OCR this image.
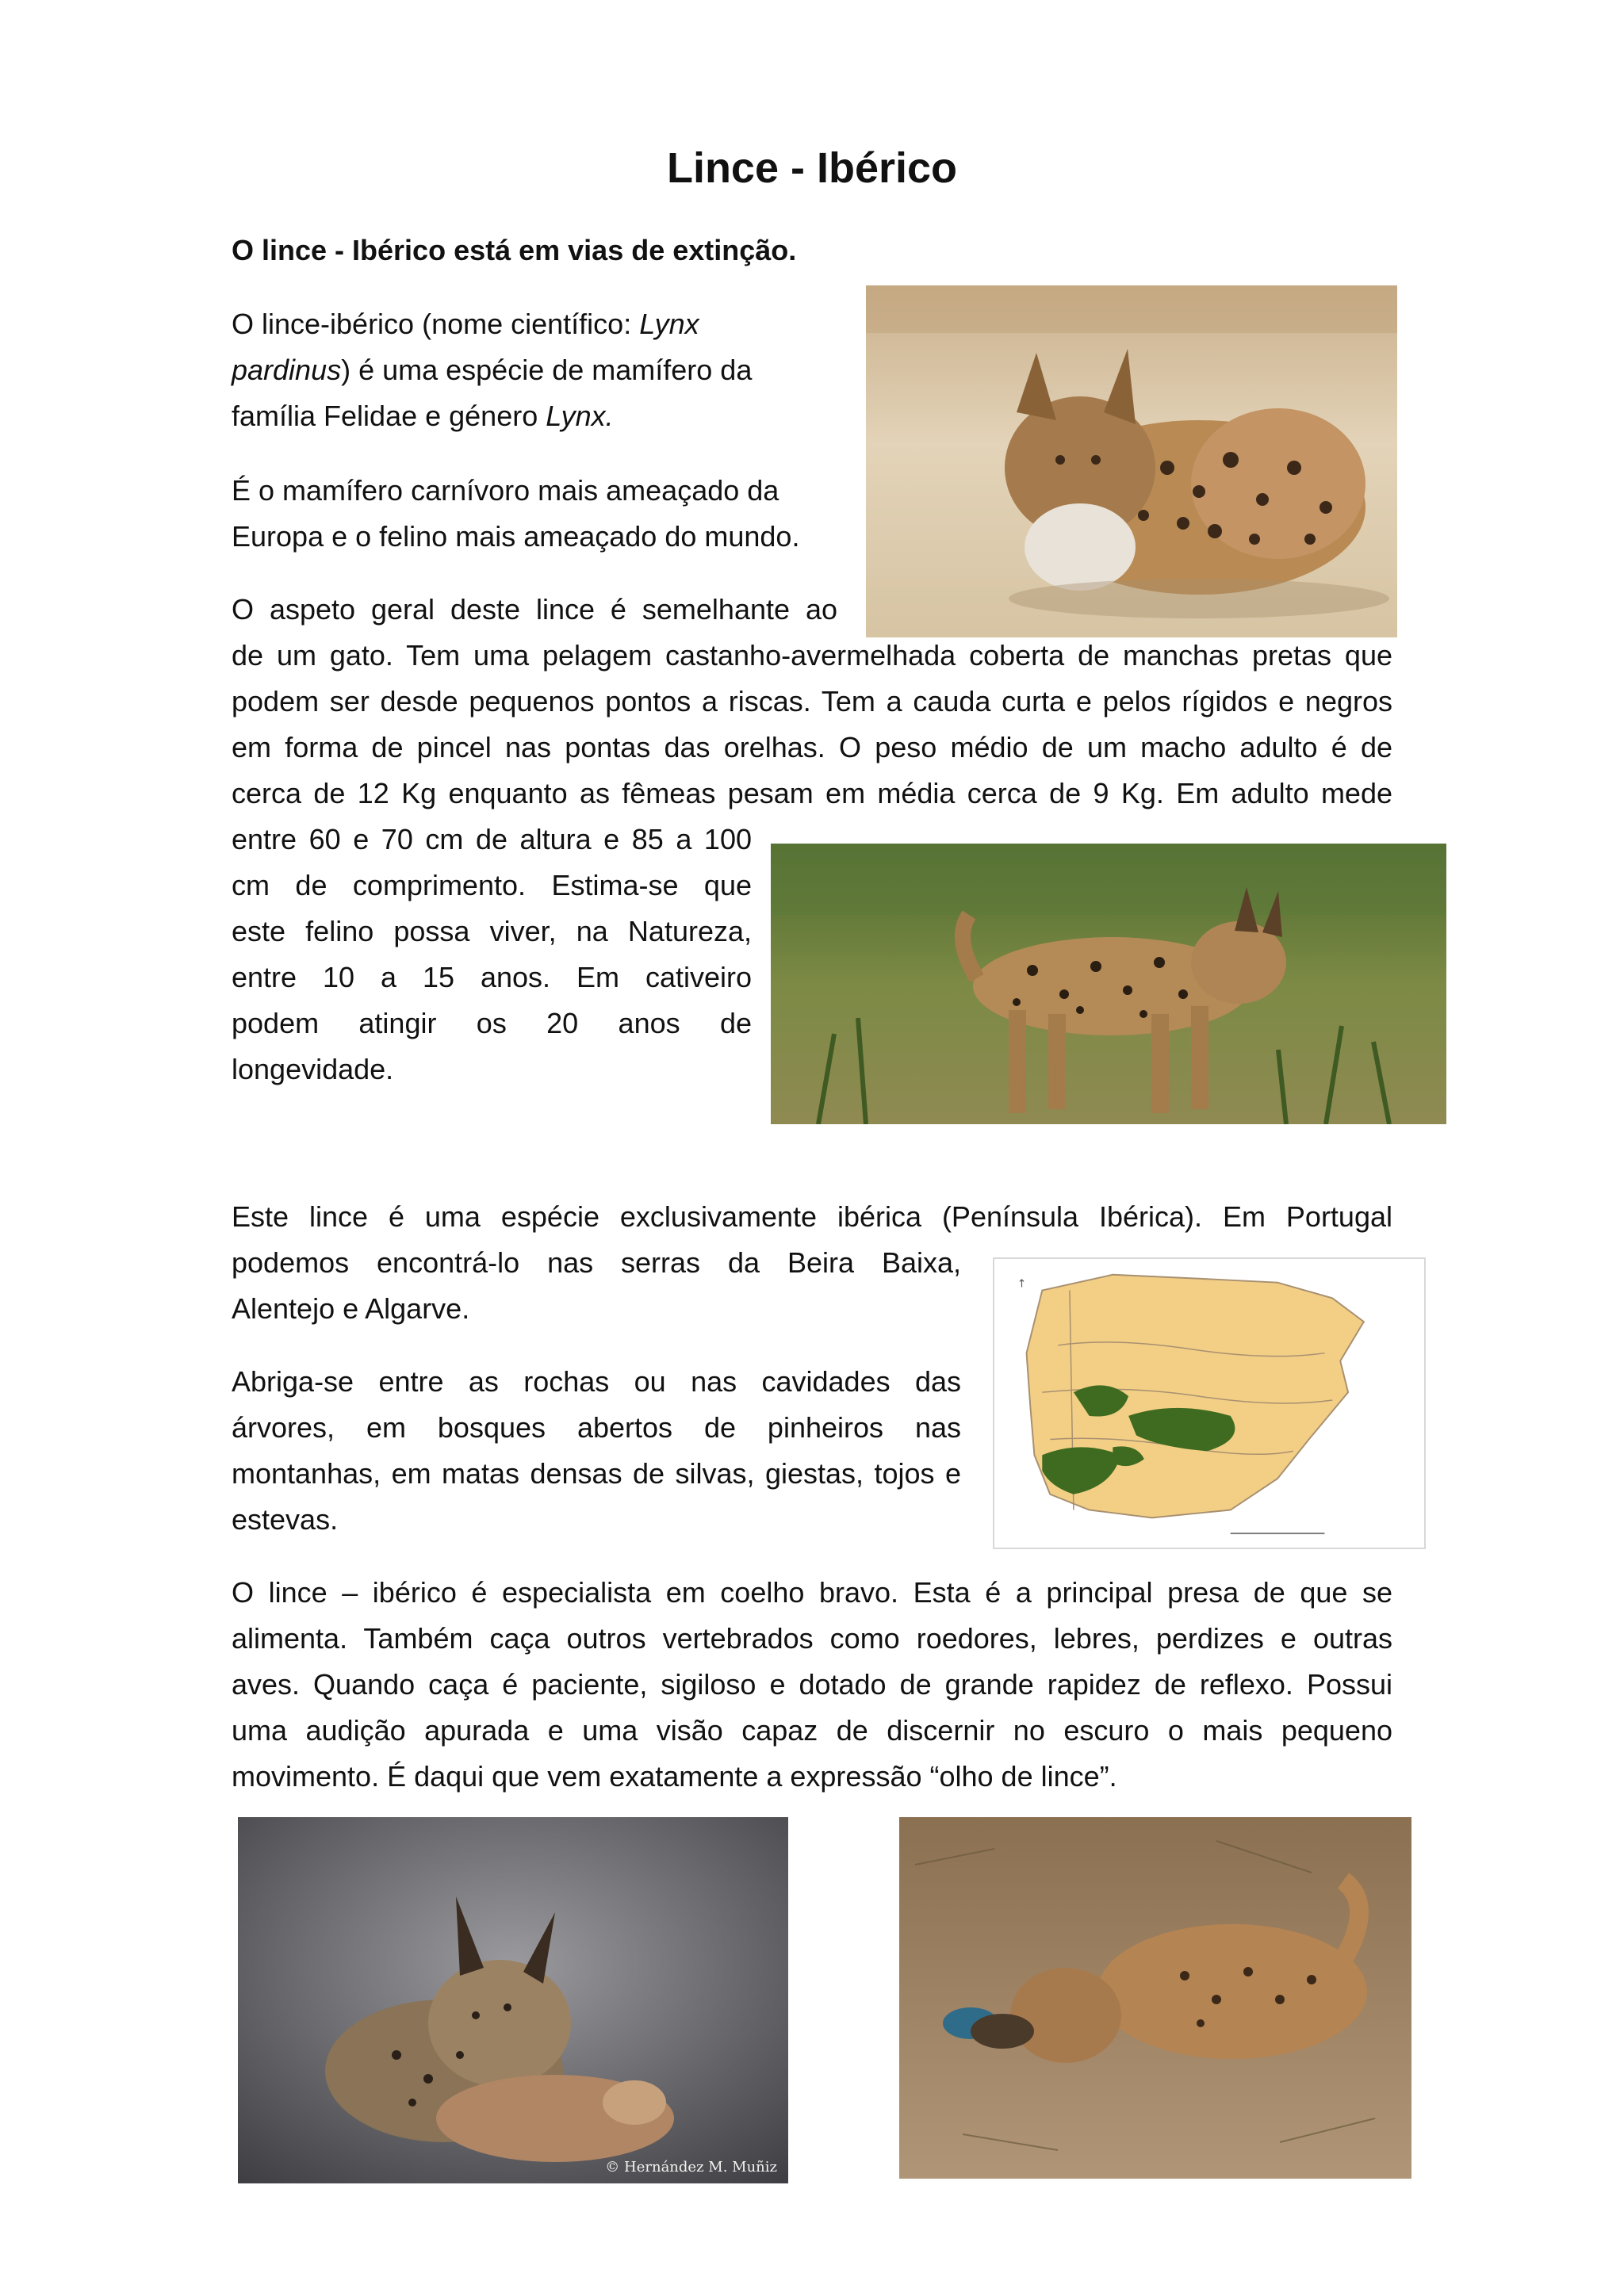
Lince - Ibérico

O lince - Ibérico está em vias de extinção.

O lince-ibérico (nome científico: Lynx
pardinus) é uma espécie de mamífero da
família Felidae e género Lynx.
É o mamífero carnívoro mais ameaçado da
Europa e o felino mais ameaçado do mundo.
O aspeto geral deste lince é semelhante ao
de um gato. Tem uma pelagem castanho-avermelhada coberta de manchas pretas que
podem ser desde pequenos pontos a riscas. Tem a cauda curta e pelos rígidos e negros
em forma de pincel nas pontas das orelhas. O peso médio de um macho adulto é de
cerca de 12 Kg enquanto as fêmeas pesam em média cerca de 9 Kg. Em adulto mede
entre 60 e 70 cm de altura e 85 a 100
cm de comprimento. Estima-se que
este felino possa viver, na Natureza,
entre 10 a 15 anos. Em cativeiro
podem atingir os 20 anos de
longevidade.
Este lince é uma espécie exclusivamente ibérica (Península Ibérica). Em Portugal
podemos encontrá-lo nas serras da Beira Baixa,
Alentejo e Algarve.
Abriga-se entre as rochas ou nas cavidades das
árvores, em bosques abertos de pinheiros nas
montanhas, em matas densas de silvas, giestas, tojos e
estevas.
O lince – ibérico é especialista em coelho bravo. Esta é a principal presa de que se
alimenta. Também caça outros vertebrados como roedores, lebres, perdizes e outras
aves. Quando caça é paciente, sigiloso e dotado de grande rapidez de reflexo. Possui
uma audição apurada e uma visão capaz de discernir no escuro o mais pequeno
movimento. É daqui que vem exatamente a expressão “olho de lince”.
↑
© Hernández M. Muñiz
